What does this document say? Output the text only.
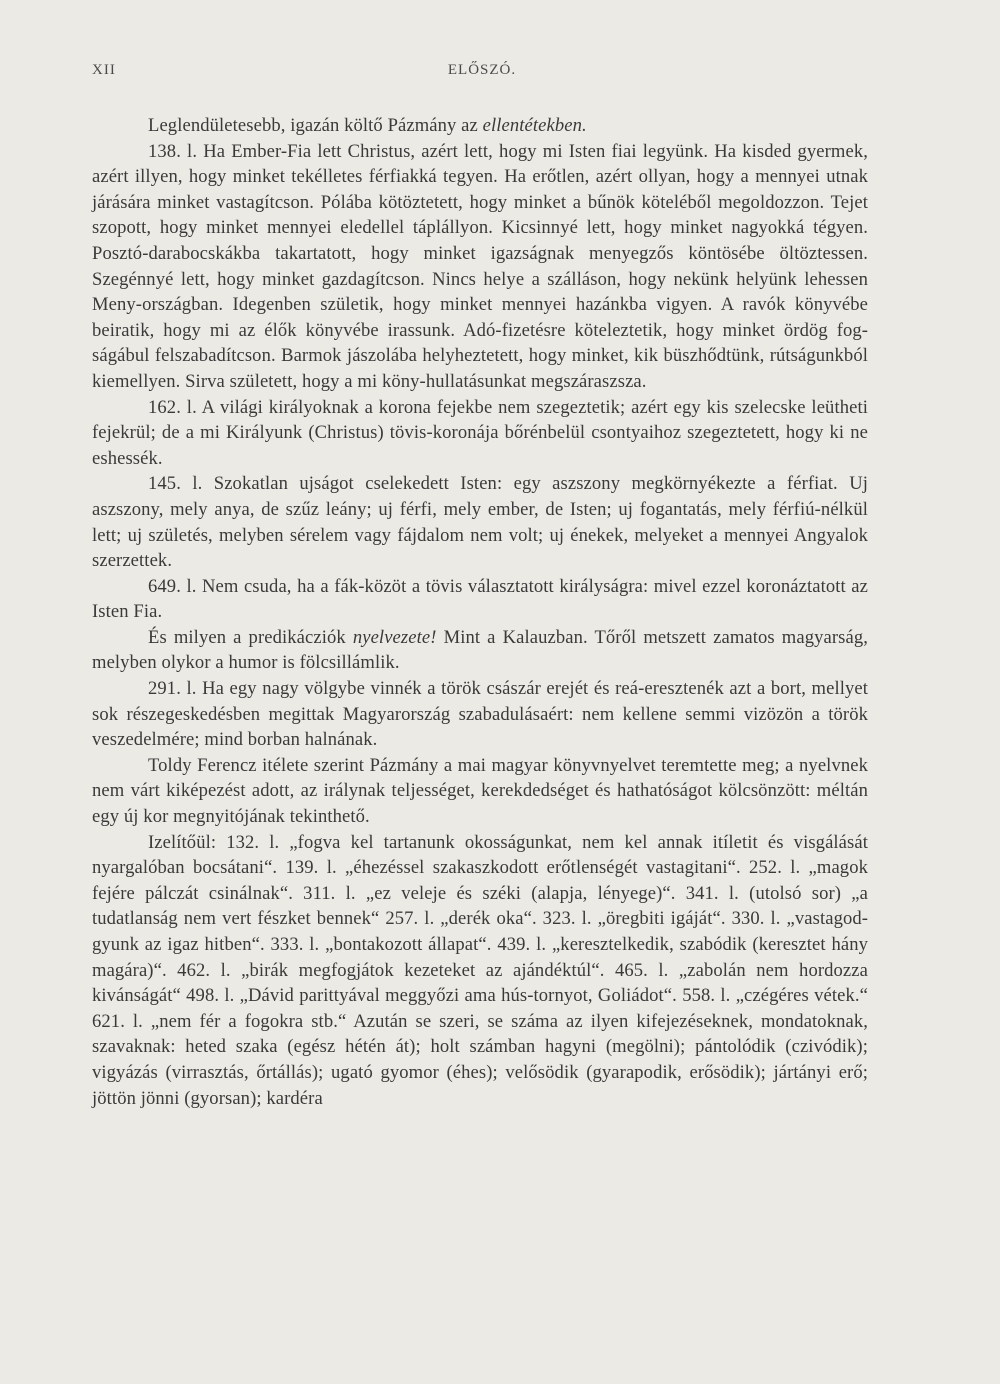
XII	ELŐSZÓ.

Leglendületesebb, igazán költő Pázmány az ellentétekben.

138. l. Ha Ember-Fia lett Christus, azért lett, hogy mi Isten fiai legyünk. Ha kisded gyermek, azért illyen, hogy minket tekélletes férfiakká tegyen. Ha erőtlen, azért ollyan, hogy a mennyei utnak járására minket vastagítcson. Pólába kötöztetett, hogy minket a bűnök köteléből megoldozzon. Tejet szopott, hogy minket mennyei eledellel táplállyon. Kicsinnyé lett, hogy minket nagyokká tégyen. Posztó-darabocskákba takartatott, hogy minket igazságnak menyegzős köntösébe öltöztessen. Szegénnyé lett, hogy minket gazdagítcson. Nincs helye a szálláson, hogy nekünk helyünk lehessen Meny-országban. Idegenben születik, hogy minket mennyei hazánkba vigyen. A ravók könyvébe beiratik, hogy mi az élők könyvébe irassunk. Adó-fizetésre köteleztetik, hogy minket ördög fogságábul felszabadítcson. Barmok jászolába helyheztetett, hogy minket, kik büszhődtünk, rútságunkból kiemellyen. Sirva született, hogy a mi köny-hullatásunkat megszáraszsza.

162. l. A világi királyoknak a korona fejekbe nem szegeztetik; azért egy kis szelecske leütheti fejekrül; de a mi Királyunk (Christus) tövis-koronája bőrénbelül csontyaihoz szegeztetett, hogy ki ne eshessék.

145. l. Szokatlan ujságot cselekedett Isten: egy aszszony megkörnyékezte a férfiat. Uj aszszony, mely anya, de szűz leány; uj férfi, mely ember, de Isten; uj fogantatás, mely férfiú-nélkül lett; uj születés, melyben sérelem vagy fájdalom nem volt; uj énekek, melyeket a mennyei Angyalok szerzettek.

649. l. Nem csuda, ha a fák-közöt a tövis választatott királyságra: mivel ezzel koronáztatott az Isten Fia.

És milyen a predikácziók nyelvezete! Mint a Kalauzban. Tőről metszett zamatos magyarság, melyben olykor a humor is fölcsillámlik.

291. l. Ha egy nagy völgybe vinnék a török császár erejét és reá-eresztenék azt a bort, mellyet sok részegeskedésben megittak Magyarország szabadulásaért: nem kellene semmi vizözön a török veszedelmére; mind borban halnának.

Toldy Ferencz itélete szerint Pázmány a mai magyar könyvnyelvet teremtette meg; a nyelvnek nem várt kiképezést adott, az irálynak teljességet, kerekdedséget és hathatóságot kölcsönzött: méltán egy új kor megnyitójának tekinthető.

Izelítőül: 132. l. „fogva kel tartanunk okosságunkat, nem kel annak itíletit és visgálását nyargalóban bocsátani“. 139. l. „éhezéssel szakaszkodott erőtlenségét vastagitani“. 252. l. „magok fejére pálczát csinálnak“. 311. l. „ez veleje és széki (alapja, lényege)“. 341. l. (utolsó sor) „a tudatlanság nem vert fészket bennek“ 257. l. „derék oka“. 323. l. „öregbiti igáját“. 330. l. „vastagodgyunk az igaz hitben“. 333. l. „bontakozott állapat“. 439. l. „keresztelkedik, szabódik (keresztet hány magára)“. 462. l. „birák megfogjátok kezeteket az ajándéktúl“. 465. l. „zabolán nem hordozza kivánságát“ 498. l. „Dávid parittyával meggyőzi ama hús-tornyot, Goliádot“. 558. l. „czégéres vétek.“ 621. l. „nem fér a fogokra stb.“ Azután se szeri, se száma az ilyen kifejezéseknek, mondatoknak, szavaknak: heted szaka (egész hétén át); holt számban hagyni (megölni); pántolódik (czivódik); vigyázás (virrasztás, őrtállás); ugató gyomor (éhes); velősödik (gyarapodik, erősödik); jártányi erő; jöttön jönni (gyorsan); kardéra
